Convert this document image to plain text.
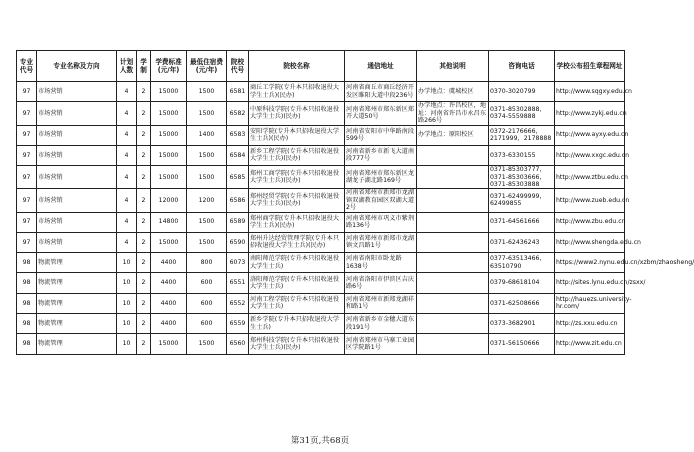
专业代号	专业名称及方向	计划人数	学制	学费标准(元/年)	最低住宿费(元/年)	院校代号	院校名称	通信地址	其他说明	咨询电话	学校公布招生章程网址
97	市场营销	4	2	15000	1500	6581	商丘工学院(专升本只招收退役大学生士兵)(民办)	河南省商丘市商丘经济开发区睢阳大道中段236号	办学地点：虞城校区	0370-3020799	http://www.sqgxy.edu.cn
97	市场营销	4	2	15000	1500	6582	中原科技学院(专升本只招收退役大学生士兵)(民办)	河南省郑州市郑东新区郑开大道50号	办学地点：许昌校区，地址：河南省许昌市永昌东路266号	0371-85302888，0374-5559888	http://www.zykj.edu.cn
97	市场营销	4	2	15000	1400	6583	安阳学院(专升本只招收退役大学生士兵)(民办)	河南省安阳市中华路南段599号	办学地点：原阳校区	0372-2176666，2171999，2178888	http://www.ayxy.edu.cn
97	市场营销	4	2	15000	1500	6584	新乡工程学院(专升本只招收退役大学生士兵)(民办)	河南省新乡市新飞大道南段777号		0373-6330155	http://www.xxgc.edu.cn
97	市场营销	4	2	15000	1500	6585	郑州工商学院(专升本只招收退役大学生士兵)(民办)	河南省郑州市郑东新区龙湖龙子湖北路169号		0371-85303777，0371-85303666，0371-85303888	http://www.ztbu.edu.cn
97	市场营销	4	2	12000	1200	6586	郑州经贸学院(专升本只招收退役大学生士兵)(民办)	河南省郑州市新郑市龙湖镇双湖教育园区双湖大道2号		0371-62499999，62499855	http://www.zueb.edu.cn
97	市场营销	4	2	14800	1500	6589	郑州商学院(专升本只招收退役大学生士兵)(民办)	河南省郑州市巩义市紫荆路136号		0371-64561666	http://www.zbu.edu.cn
97	市场营销	4	2	15000	1500	6590	郑州升达经贸管理学院(专升本只招收退役大学生士兵)(民办)	河南省郑州市新郑市龙湖镇文昌路1号		0371-62436243	http://www.shengda.edu.cn
98	物流管理	10	2	4400	800	6073	南阳师范学院(专升本只招收退役大学生士兵)	河南省南阳市卧龙路1638号		0377-63513466，63510790	https://www2.nynu.edu.cn/xzbm/zhaosheng/
98	物流管理	10	2	4400	600	6551	洛阳师范学院(专升本只招收退役大学生士兵)	河南省洛阳市伊滨区吉庆路6号		0379-68618104	http://sites.lynu.edu.cn/zsxx/
98	物流管理	10	2	4400	600	6552	河南工程学院(专升本只招收退役大学生士兵)	河南省郑州市新郑龙湖祥和路1号		0371-62508666	http://hauezs.university-hr.com/
98	物流管理	10	2	4400	600	6559	新乡学院(专升本只招收退役大学生士兵)	河南省新乡市金穗大道东段191号		0373-3682901	http://zs.xxu.edu.cn
98	物流管理	10	2	15000	1500	6560	郑州科技学院(专升本只招收退役大学生士兵)(民办)	河南省郑州市马寨工业园区学院路1号		0371-56150666	http://www.zit.edu.cn
第31页,共68页
